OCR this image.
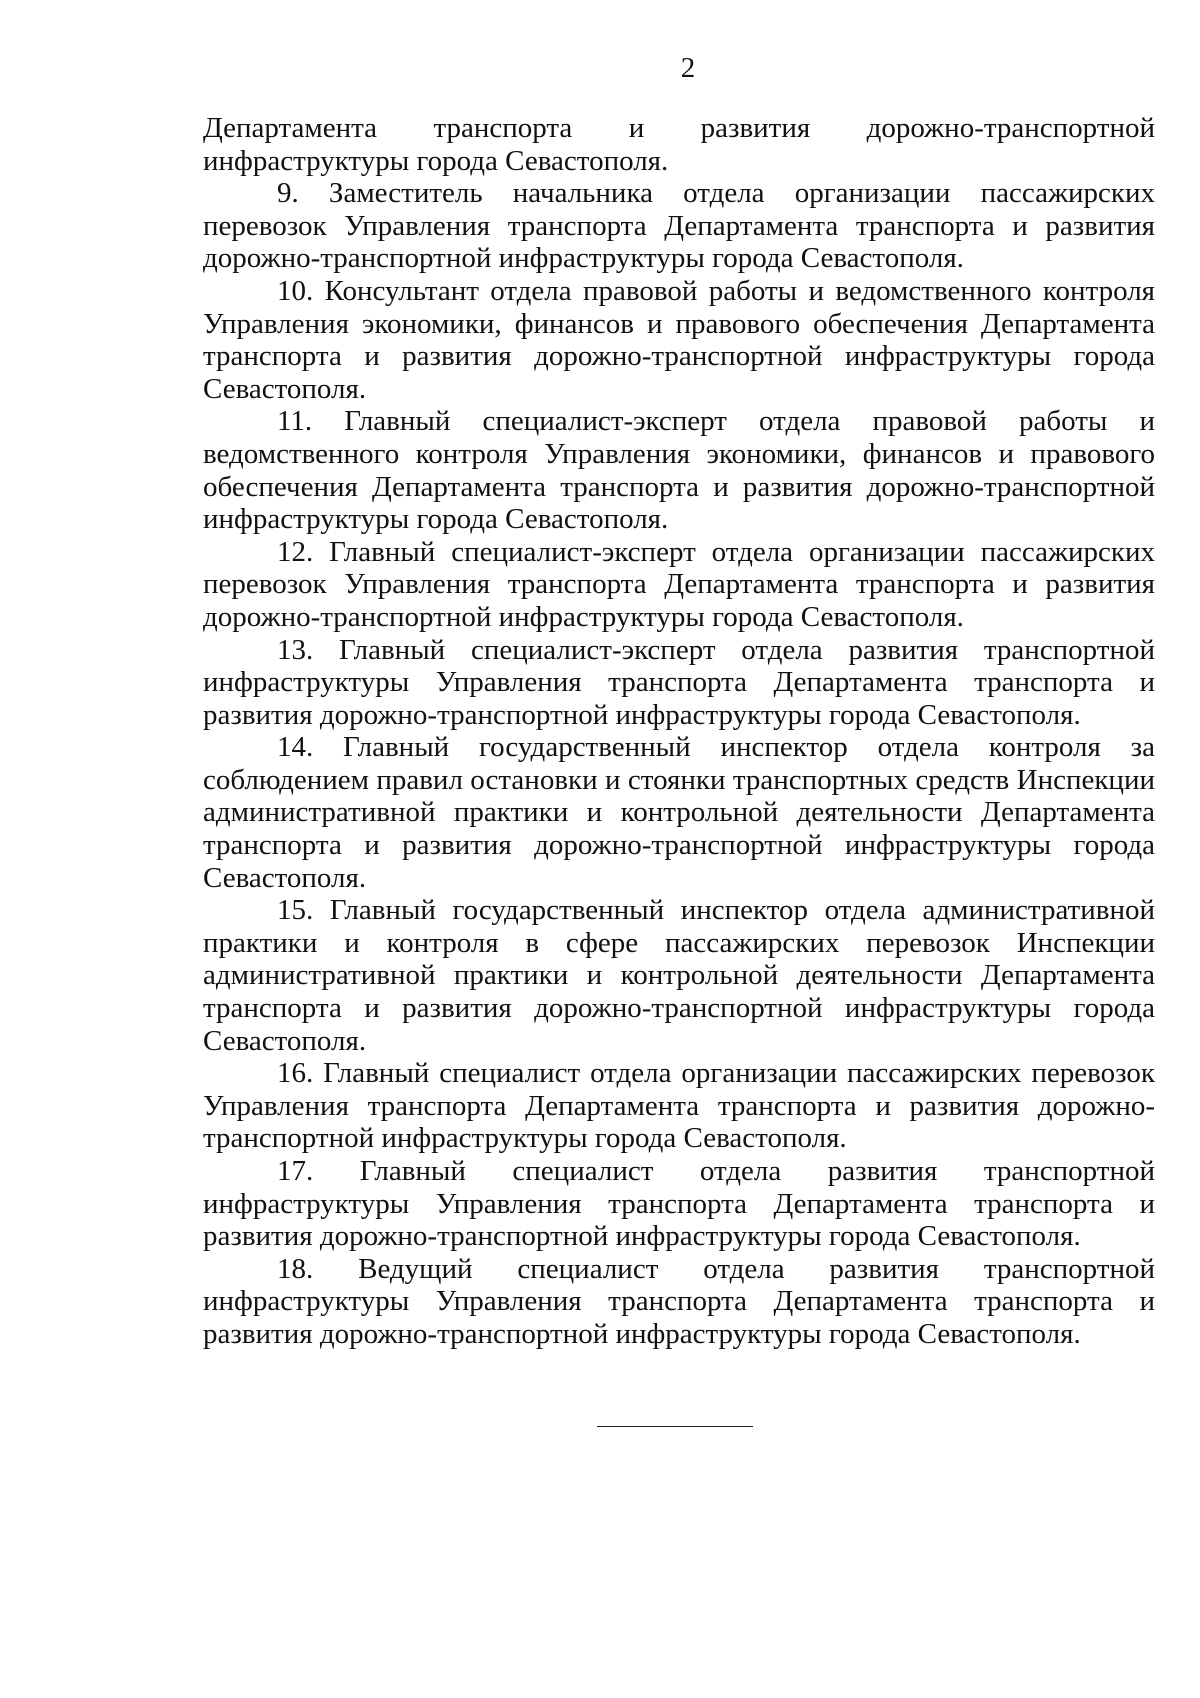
2

Департамента транспорта и развития дорожно-транспортной инфраструктуры города Севастополя.

9. Заместитель начальника отдела организации пассажирских перевозок Управления транспорта Департамента транспорта и развития дорожно-транспортной инфраструктуры города Севастополя.

10. Консультант отдела правовой работы и ведомственного контроля Управления экономики, финансов и правового обеспечения Департамента транспорта и развития дорожно-транспортной инфраструктуры города Севастополя.

11. Главный специалист-эксперт отдела правовой работы и ведомственного контроля Управления экономики, финансов и правового обеспечения Департамента транспорта и развития дорожно-транспортной инфраструктуры города Севастополя.

12. Главный специалист-эксперт отдела организации пассажирских перевозок Управления транспорта Департамента транспорта и развития дорожно-транспортной инфраструктуры города Севастополя.

13. Главный специалист-эксперт отдела развития транспортной инфраструктуры Управления транспорта Департамента транспорта и развития дорожно-транспортной инфраструктуры города Севастополя.

14. Главный государственный инспектор отдела контроля за соблюдением правил остановки и стоянки транспортных средств Инспекции административной практики и контрольной деятельности Департамента транспорта и развития дорожно-транспортной инфраструктуры города Севастополя.

15. Главный государственный инспектор отдела административной практики и контроля в сфере пассажирских перевозок Инспекции административной практики и контрольной деятельности Департамента транспорта и развития дорожно-транспортной инфраструктуры города Севастополя.

16. Главный специалист отдела организации пассажирских перевозок Управления транспорта Департамента транспорта и развития дорожно-транспортной инфраструктуры города Севастополя.

17. Главный специалист отдела развития транспортной инфраструктуры Управления транспорта Департамента транспорта и развития дорожно-транспортной инфраструктуры города Севастополя.

18. Ведущий специалист отдела развития транспортной инфраструктуры Управления транспорта Департамента транспорта и развития дорожно-транспортной инфраструктуры города Севастополя.
